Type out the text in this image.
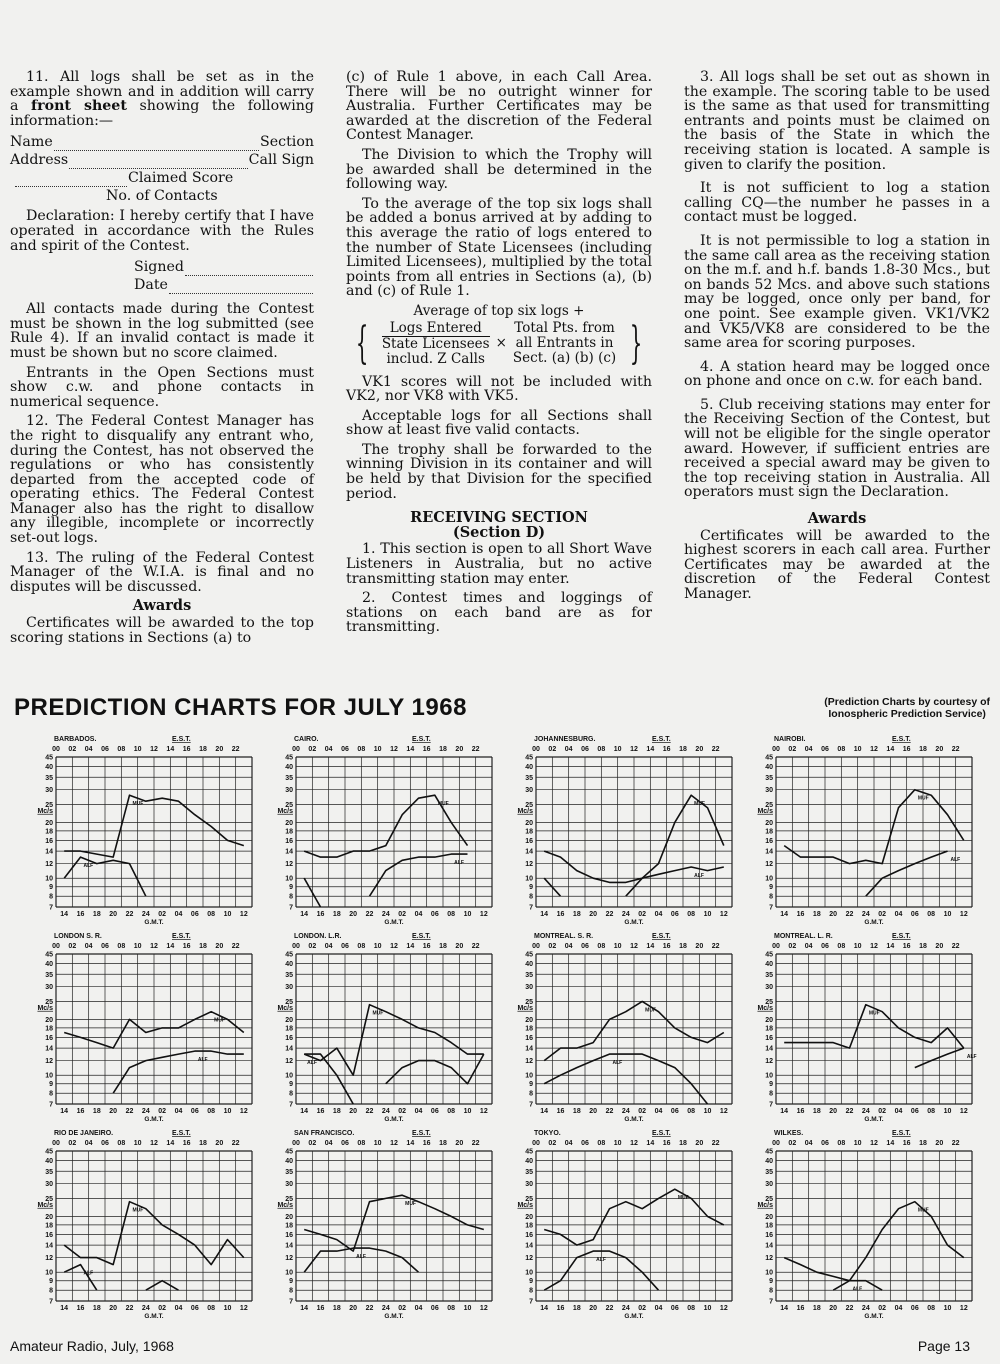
11. All logs shall be set as in the example shown and in addition will carry a front sheet showing the following information:—

Name	Section
Address	Call Sign
Claimed Score
No. of Contacts

Declaration: I hereby certify that I have operated in accordance with the Rules and spirit of the Contest.

Signed
Date

All contacts made during the Contest must be shown in the log submitted (see Rule 4). If an invalid contact is made it must be shown but no score claimed.

Entrants in the Open Sections must show c.w. and phone contacts in numerical sequence.

12. The Federal Contest Manager has the right to disqualify any entrant who, during the Contest, has not observed the regulations or who has consistently departed from the accepted code of operating ethics. The Federal Contest Manager also has the right to disallow any illegible, incomplete or incorrectly set-out logs.

13. The ruling of the Federal Contest Manager of the W.I.A. is final and no disputes will be discussed.

Awards

Certificates will be awarded to the top scoring stations in Sections (a) to

(c) of Rule 1 above, in each Call Area. There will be no outright winner for Australia. Further Certificates may be awarded at the discretion of the Federal Contest Manager.

The Division to which the Trophy will be awarded shall be determined in the following way.

To the average of the top six logs shall be added a bonus arrived at by adding to this average the ratio of logs entered to the number of State Licensees (including Limited Licensees), multiplied by the total points from all entries in Sections (a), (b) and (c) of Rule 1.

Average of top six logs +
{	Logs Entered
State Licensees
includ. Z Calls
×
Total Pts. from
all Entrants in
Sect. (a) (b) (c) }

VK1 scores will not be included with VK2, nor VK8 with VK5.

Acceptable logs for all Sections shall show at least five valid contacts.

The trophy shall be forwarded to the winning Division in its container and will be held by that Division for the specified period.

RECEIVING SECTION
(Section D)

1. This section is open to all Short Wave Listeners in Australia, but no active transmitting station may enter.

2. Contest times and loggings of stations on each band are as for transmitting.

3. All logs shall be set out as shown in the example. The scoring table to be used is the same as that used for transmitting entrants and points must be claimed on the basis of the State in which the receiving station is located. A sample is given to clarify the position.

It is not sufficient to log a station calling CQ—the number he passes in a contact must be logged.

It is not permissible to log a station in the same call area as the receiving station on the m.f. and h.f. bands 1.8-30 Mcs., but on bands 52 Mcs. and above such stations may be logged, once only per band, for one point. See example given. VK1/VK2 and VK5/VK8 are considered to be the same area for scoring purposes.

4. A station heard may be logged once on phone and once on c.w. for each band.

5. Club receiving stations may enter for the Receiving Section of the Contest, but will not be eligible for the single operator award. However, if sufficient entries are received a special award may be given to the top receiving station in Australia. All operators must sign the Declaration.

Awards

Certificates will be awarded to the highest scorers in each call area. Further Certificates may be awarded at the discretion of the Federal Contest Manager.

PREDICTION CHARTS FOR JULY 1968	(Prediction Charts by courtesy of
Ionospheric Prediction Service)
BARBADOS.	E.S.T.
00 02 04 06 08 10 12 14 16 18 20 22
45
40
35
30
25
20
18
16
14
12
10
9
8
7
Mc/s
14 16 18 20 22 24 02 04 06 08 10 12
G.M.T.
MUF
ALF
CAIRO.	E.S.T.
00 02 04 06 08 10 12 14 16 18 20 22
45
40
35
30
25
20
18
16
14
12
10
9
8
7
Mc/s
14 16 18 20 22 24 02 04 06 08 10 12
G.M.T.
MUF
ALF
JOHANNESBURG.	E.S.T.
00 02 04 06 08 10 12 14 16 18 20 22
45
40
35
30
25
20
18
16
14
12
10
9
8
7
Mc/s
14 16 18 20 22 24 02 04 06 08 10 12
G.M.T.
MUF
ALF
NAIROBI.	E.S.T.
00 02 04 06 08 10 12 14 16 18 20 22
45
40
35
30
25
20
18
16
14
12
10
9
8
7
Mc/s
14 16 18 20 22 24 02 04 06 08 10 12
G.M.T.
MUF
ALF
LONDON S. R.	E.S.T.
00 02 04 06 08 10 12 14 16 18 20 22
45
40
35
30
25
20
18
16
14
12
10
9
8
7
Mc/s
14 16 18 20 22 24 02 04 06 08 10 12
G.M.T.
MUF
ALF
LONDON. L.R.	E.S.T.
00 02 04 06 08 10 12 14 16 18 20 22
45
40
35
30
25
20
18
16
14
12
10
9
8
7
Mc/s
14 16 18 20 22 24 02 04 06 08 10 12
G.M.T.
MUF
ALF
MONTREAL. S. R.	E.S.T.
00 02 04 06 08 10 12 14 16 18 20 22
45
40
35
30
25
20
18
16
14
12
10
9
8
7
Mc/s
14 16 18 20 22 24 02 04 06 08 10 12
G.M.T.
MUF
ALF
MONTREAL. L. R.	E.S.T.
00 02 04 06 08 10 12 14 16 18 20 22
45
40
35
30
25
20
18
16
14
12
10
9
8
7
Mc/s
14 16 18 20 22 24 02 04 06 08 10 12
G.M.T.
MUF
ALF
RIO DE JANEIRO.	E.S.T.
00 02 04 06 08 10 12 14 16 18 20 22
45
40
35
30
25
20
18
16
14
12
10
9
8
7
Mc/s
14 16 18 20 22 24 02 04 06 08 10 12
G.M.T.
MUF
ALF
SAN FRANCISCO.	E.S.T.
00 02 04 06 08 10 12 14 16 18 20 22
45
40
35
30
25
20
18
16
14
12
10
9
8
7
Mc/s
14 16 18 20 22 24 02 04 06 08 10 12
G.M.T.
MUF
ALF
TOKYO.	E.S.T.
00 02 04 06 08 10 12 14 16 18 20 22
45
40
35
30
25
20
18
16
14
12
10
9
8
7
Mc/s
14 16 18 20 22 24 02 04 06 08 10 12
G.M.T.
MUF
ALF
WILKES.	E.S.T.
00 02 04 06 08 10 12 14 16 18 20 22
45
40
35
30
25
20
18
16
14
12
10
9
8
7
Mc/s
14 16 18 20 22 24 02 04 06 08 10 12
G.M.T.
MUF
ALF
Amateur Radio, July, 1968	Page 13
